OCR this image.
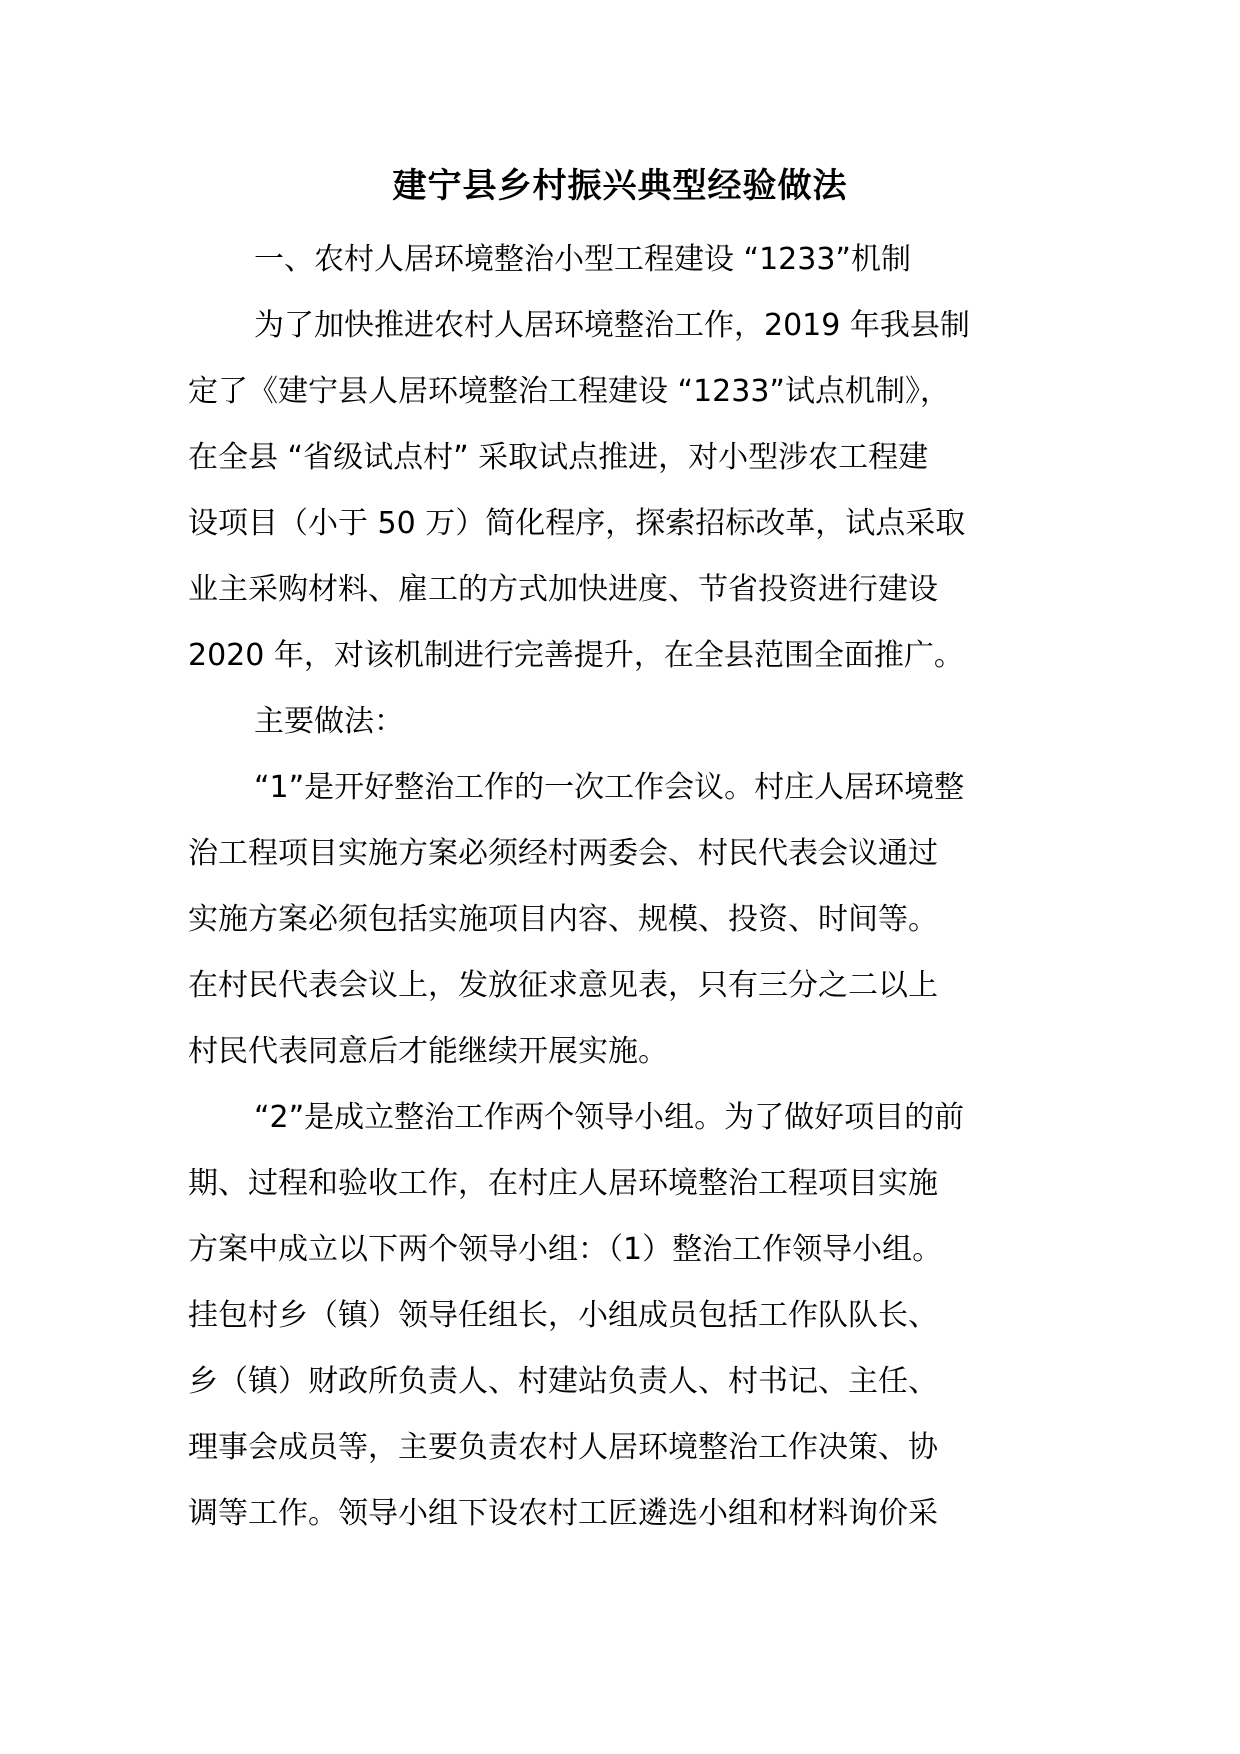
建宁县乡村振兴典型经验做法
一、农村人居环境整治小型工程建设 “1233”机制
为了加快推进农村人居环境整治工作，2019 年我县制
定了《建宁县人居环境整治工程建设 “1233”试点机制》，
在全县 “省级试点村” 采取试点推进，对小型涉农工程建
设项目（小于 50 万）简化程序，探索招标改革，试点采取
业主采购材料、雇工的方式加快进度、节省投资进行建设
2020 年，对该机制进行完善提升，在全县范围全面推广。
主要做法：
“1”是开好整治工作的一次工作会议。村庄人居环境整
治工程项目实施方案必须经村两委会、村民代表会议通过
实施方案必须包括实施项目内容、规模、投资、时间等。
在村民代表会议上，发放征求意见表，只有三分之二以上
村民代表同意后才能继续开展实施。
“2”是成立整治工作两个领导小组。为了做好项目的前
期、过程和验收工作，在村庄人居环境整治工程项目实施
方案中成立以下两个领导小组：（1）整治工作领导小组。
挂包村乡（镇）领导任组长，小组成员包括工作队队长、
乡（镇）财政所负责人、村建站负责人、村书记、主任、
理事会成员等，主要负责农村人居环境整治工作决策、协
调等工作。领导小组下设农村工匠遴选小组和材料询价采
